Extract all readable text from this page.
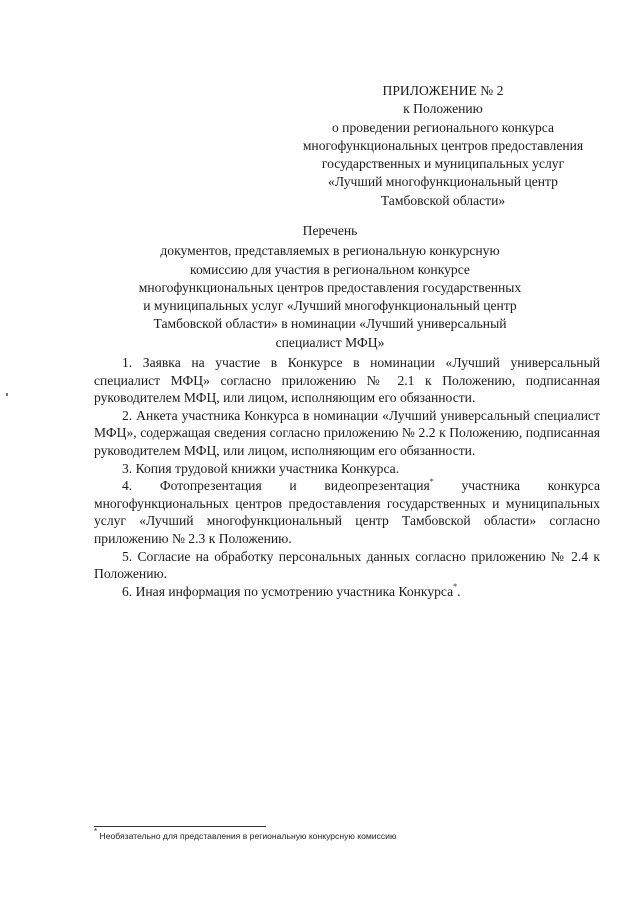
ПРИЛОЖЕНИЕ № 2
к Положению
о проведении регионального конкурса
многофункциональных центров предоставления
государственных и муниципальных услуг
«Лучший многофункциональный центр
Тамбовской области»
Перечень
документов, представляемых в региональную конкурсную
комиссию для участия в региональном конкурсе
многофункциональных центров предоставления государственных
и муниципальных услуг «Лучший многофункциональный центр
Тамбовской области» в номинации «Лучший универсальный
специалист МФЦ»
1. Заявка на участие в Конкурсе в номинации «Лучший универсальный специалист МФЦ» согласно приложению № 2.1 к Положению, подписанная руководителем МФЦ, или лицом, исполняющим его обязанности.
2. Анкета участника Конкурса в номинации «Лучший универсальный специалист МФЦ», содержащая сведения согласно приложению № 2.2 к Положению, подписанная руководителем МФЦ, или лицом, исполняющим его обязанности.
3. Копия трудовой книжки участника Конкурса.
4. Фотопрезентация и видеопрезентация* участника конкурса многофункциональных центров предоставления государственных и муниципальных услуг «Лучший многофункциональный центр Тамбовской области» согласно приложению № 2.3 к Положению.
5. Согласие на обработку персональных данных согласно приложению № 2.4 к Положению.
6. Иная информация по усмотрению участника Конкурса*.
* Необязательно для представления в региональную конкурсную комиссию
